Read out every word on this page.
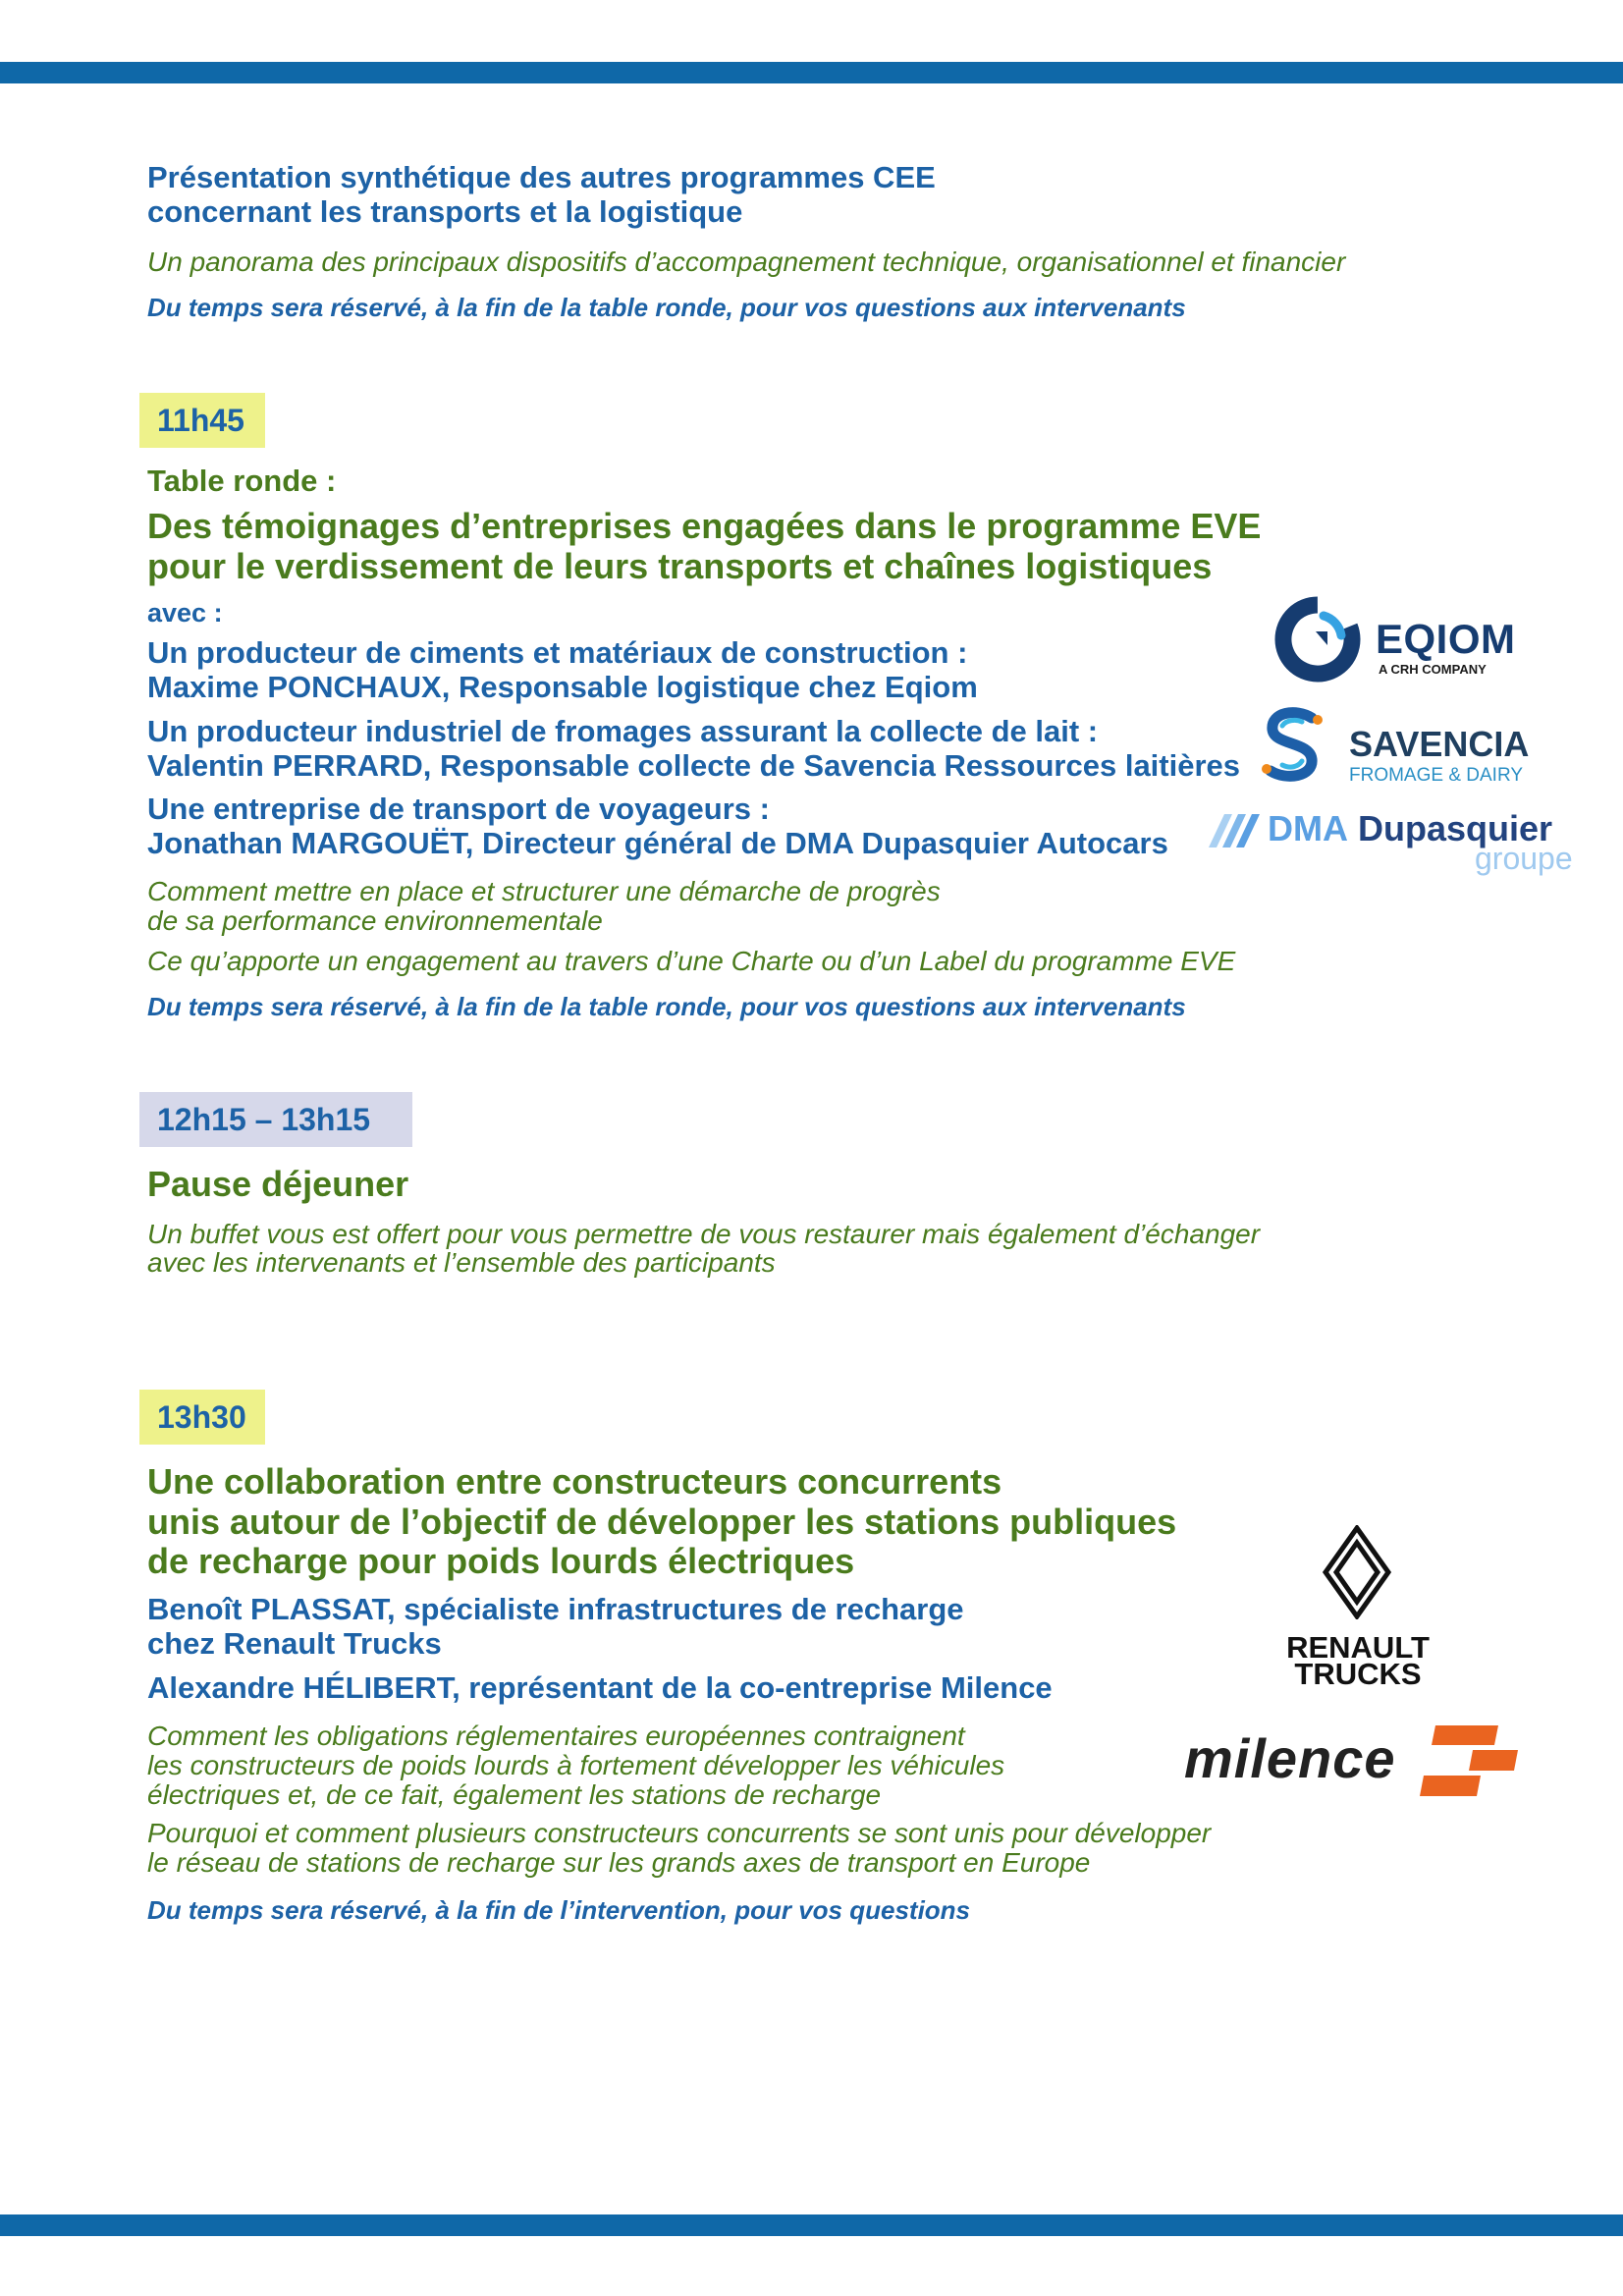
Présentation synthétique des autres programmes CEE
concernant les transports et la logistique
Un panorama des principaux dispositifs d’accompagnement technique, organisationnel et financier
Du temps sera réservé, à la fin de la table ronde, pour vos questions aux intervenants
11h45
Table ronde :
Des témoignages d’entreprises engagées dans le programme EVE
pour le verdissement de leurs transports et chaînes logistiques
avec :
Un producteur de ciments et matériaux de construction :
Maxime PONCHAUX, Responsable logistique chez Eqiom
Un producteur industriel de fromages assurant la collecte de lait :
Valentin PERRARD, Responsable collecte de Savencia Ressources laitières
Une entreprise de transport de voyageurs :
Jonathan MARGOUËT, Directeur général de DMA Dupasquier Autocars
Comment mettre en place et structurer une démarche de progrès
de sa performance environnementale
Ce qu’apporte un engagement au travers d’une Charte ou d’un Label du programme EVE
Du temps sera réservé, à la fin de la table ronde, pour vos questions aux intervenants
EQIOM
A CRH COMPANY
SAVENCIA
FROMAGE & DAIRY
DMA Dupasquier
groupe
12h15 – 13h15
Pause déjeuner
Un buffet vous est offert pour vous permettre de vous restaurer mais également d’échanger
avec les intervenants et l’ensemble des participants
13h30
Une collaboration entre constructeurs concurrents
unis autour de l’objectif de développer les stations publiques
de recharge pour poids lourds électriques
Benoît PLASSAT, spécialiste infrastructures de recharge
chez Renault Trucks
Alexandre HÉLIBERT, représentant de la co-entreprise Milence
Comment les obligations réglementaires européennes contraignent
les constructeurs de poids lourds à fortement développer les véhicules
électriques et, de ce fait, également les stations de recharge
Pourquoi et comment plusieurs constructeurs concurrents se sont unis pour développer
le réseau de stations de recharge sur les grands axes de transport en Europe
Du temps sera réservé, à la fin de l’intervention, pour vos questions
RENAULT
TRUCKS
milence
